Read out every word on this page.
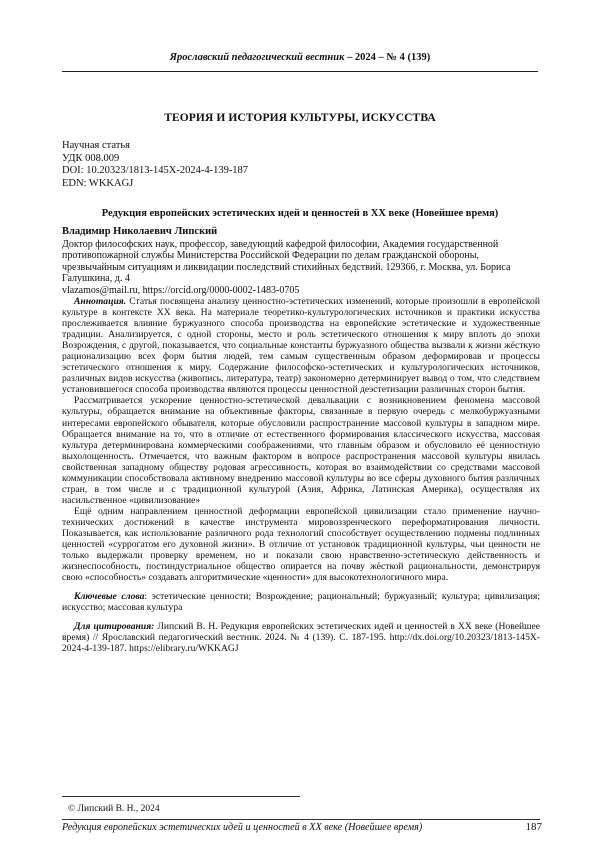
Ярославский педагогический вестник – 2024 – № 4 (139)
ТЕОРИЯ И ИСТОРИЯ КУЛЬТУРЫ, ИСКУССТВА
Научная статья
УДК 008.009
DOI: 10.20323/1813-145X-2024-4-139-187
EDN: WKKAGJ
Редукция европейских эстетических идей и ценностей в XX веке (Новейшее время)
Владимир Николаевич Липский
Доктор философских наук, профессор, заведующий кафедрой философии, Академия государственной противопожарной службы Министерства Российской Федерации по делам гражданской обороны, чрезвычайным ситуациям и ликвидации последствий стихийных бедствий. 129366, г. Москва, ул. Бориса Галушкина, д. 4
vlazamos@mail.ru, https://orcid.org/0000-0002-1483-0705

Аннотация. Статья посвящена анализу ценностно-эстетических изменений, которые произошли в европейской культуре в контексте XX века. На материале теоретико-культурологических источников и практики искусства прослеживается влияние буржуазного способа производства на европейские эстетические и художественные традиции. Анализируется, с одной стороны, место и роль эстетического отношения к миру вплоть до эпохи Возрождения, с другой, показывается, что социальные константы буржуазного общества вызвали к жизни жёсткую рационализацию всех форм бытия людей, тем самым существенным образом деформировав и процессы эстетического отношения к миру. Содержание философско-эстетических и культурологических источников, различных видов искусства (живопись, литература, театр) закономерно детерминирует вывод о том, что следствием установившегося способа производства являются процессы ценностной деэстетизации различных сторон бытия.

Рассматривается ускорение ценностно-эстетической девальвации с возникновением феномена массовой культуры, обращается внимание на объективные факторы, связанные в первую очередь с мелкобуржуазными интересами европейского обывателя, которые обусловили распространение массовой культуры в западном мире. Обращается внимание на то, что в отличие от естественного формирования классического искусства, массовая культура детерминирована коммерческими соображениями, что главным образом и обусловило её ценностную выхолощенность. Отмечается, что важным фактором в вопросе распространения массовой культуры явилась свойственная западному обществу родовая агрессивность, которая во взаимодействии со средствами массовой коммуникации способствовала активному внедрению массовой культуры во все сферы духовного бытия различных стран, в том числе и с традиционной культурой (Азия, Африка, Латинская Америка), осуществляя их насильственное «цивилизование»

Ещё одним направлением ценностной деформации европейской цивилизации стало применение научно-технических достижений в качестве инструмента мировоззренческого переформатирования личности. Показывается, как использование различного рода технологий способствует осуществлению подмены подлинных ценностей «суррогатом его духовной жизни». В отличие от установок традиционной культуры, чьи ценности не только выдержали проверку временем, но и показали свою нравственно-эстетическую действенность и жизнеспособность, постиндустриальное общество опирается на почву жёсткой рациональности, демонстрируя свою «способность» создавать алгоритмические «ценности» для высокотехнологичного мира.

Ключевые слова: эстетические ценности; Возрождение; рациональный; буржуазный; культура; цивилизация; искусство; массовая культура

Для цитирования: Липский В. Н. Редукция европейских эстетических идей и ценностей в XX веке (Новейшее время) // Ярославский педагогический вестник. 2024. № 4 (139). С. 187-195. http://dx.doi.org/10.20323/1813-145X-2024-4-139-187. https://elibrary.ru/WKKAGJ

© Липский В. Н., 2024
Редукция европейских эстетических идей и ценностей в XX веке (Новейшее время)	187
